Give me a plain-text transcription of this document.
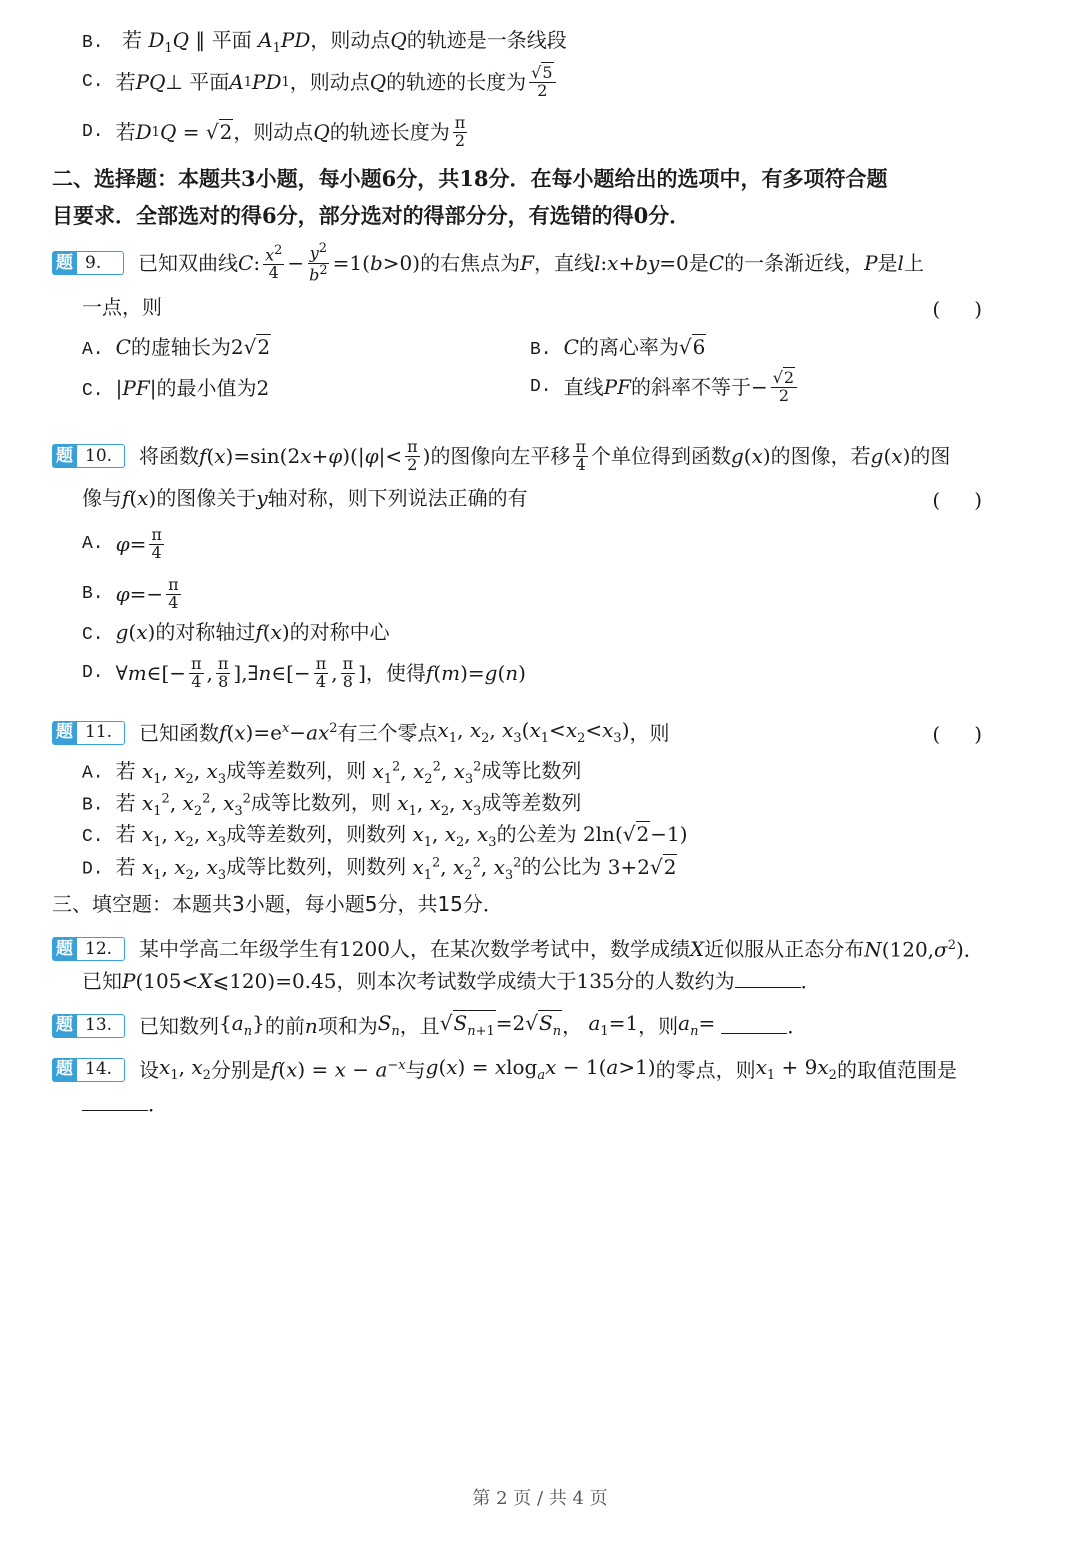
B. 若 $D_1Q$ ∥ 平面 $A_1PD$，则动点Q的轨迹是一条线段
C. 若 PQ ⊥ 平面 A 1 PD 1 ，则动点 Q 的轨迹的长度为 $\frac{√5}{2}$
D. 若 D 1 Q = √2 ，则动点 Q 的轨迹长度为 $\frac{\pi}{2}$
二、选择题：本题共3小题，每小题6分，共18分．在每小题给出的选项中，有多项符合题
目要求．全部选对的得6分，部分选对的得部分分，有选错的得0分．
题 9.	已知双曲线 C : $\frac{x^2}{4} - \frac{y^2}{b^2} =1(b>0)$ 的右焦点为 F ，直线 l:x+by=0 是 C 的一条渐近线， P 是 l 上
一点，则	()
A. C的虚轴长为2√2	B. C的离心率为√6
C. |PF|的最小值为2	D. 直线 PF 的斜率不等于 − $\frac{√2}{2}$
题 10.	将函数 $f(x)=\sin(2x+\varphi)(|\varphi|< \frac{\pi}{2}$ ) 的图像向左平移 $\frac{\pi}{4}$ 个单位得到函数 g(x) 的图像，若 g(x) 的图
像与f(x)的图像关于y轴对称，则下列说法正确的有	()
A. $\varphi= \frac{\pi}{4}$
B. $\varphi=- \frac{\pi}{4}$
C. g(x)的对称轴过f(x)的对称中心
D. ∀m∈[− $\frac{\pi}{4}$ , $\frac{\pi}{8}$ ],∃n∈[− $\frac{\pi}{4}$ , $\frac{\pi}{8}$ ] ，使得 f(m)=g(n)
题 11.	已知函数 $f(x)=e^x-ax^2$ 有三个零点 $x_1$, $x_2$, $x_3(x_1<x_2<x_3)$ ，则	()
A. 若 $x_1$, $x_2$, $x_3$成等差数列，则 $x_1^2$, $x_2^2$, $x_3^2$成等比数列
B. 若 $x_1^2$, $x_2^2$, $x_3^2$成等比数列，则 $x_1$, $x_2$, $x_3$成等差数列
C. 若 $x_1$, $x_2$, $x_3$成等差数列，则数列 $x_1$, $x_2$, $x_3$的公差为 2ln(√2−1)
D. 若 $x_1$, $x_2$, $x_3$成等比数列，则数列 $x_1^2$, $x_2^2$, $x_3^2$的公比为 3+2√2
三、填空题：本题共3小题，每小题5分，共15分．
题 12.	某中学高二年级学生有 1200 人，在某次数学考试中，数学成绩 X 近似服从正态分布 $N(120,\sigma^2)$．
已知P(105<X⩽120)=0.45，则本次考试数学成绩大于135分的人数约为	．
题 13.	已知数列 $\{a_n\}$ 的前 n 项和为 $S_n$ ，且 $√S_{n+1}=2√S_n$ ， $a_1=1$ ，则 $a_n=$	．
题 14.	设 $x_1$, $x_2$ 分别是 $f(x) = x - a^{-x}$ 与 g(x) = xlog$_a$x − 1(a>1) 的零点，则 $x_1 + 9x_2$ 的取值范围是
．
第 2 页 / 共 4 页
